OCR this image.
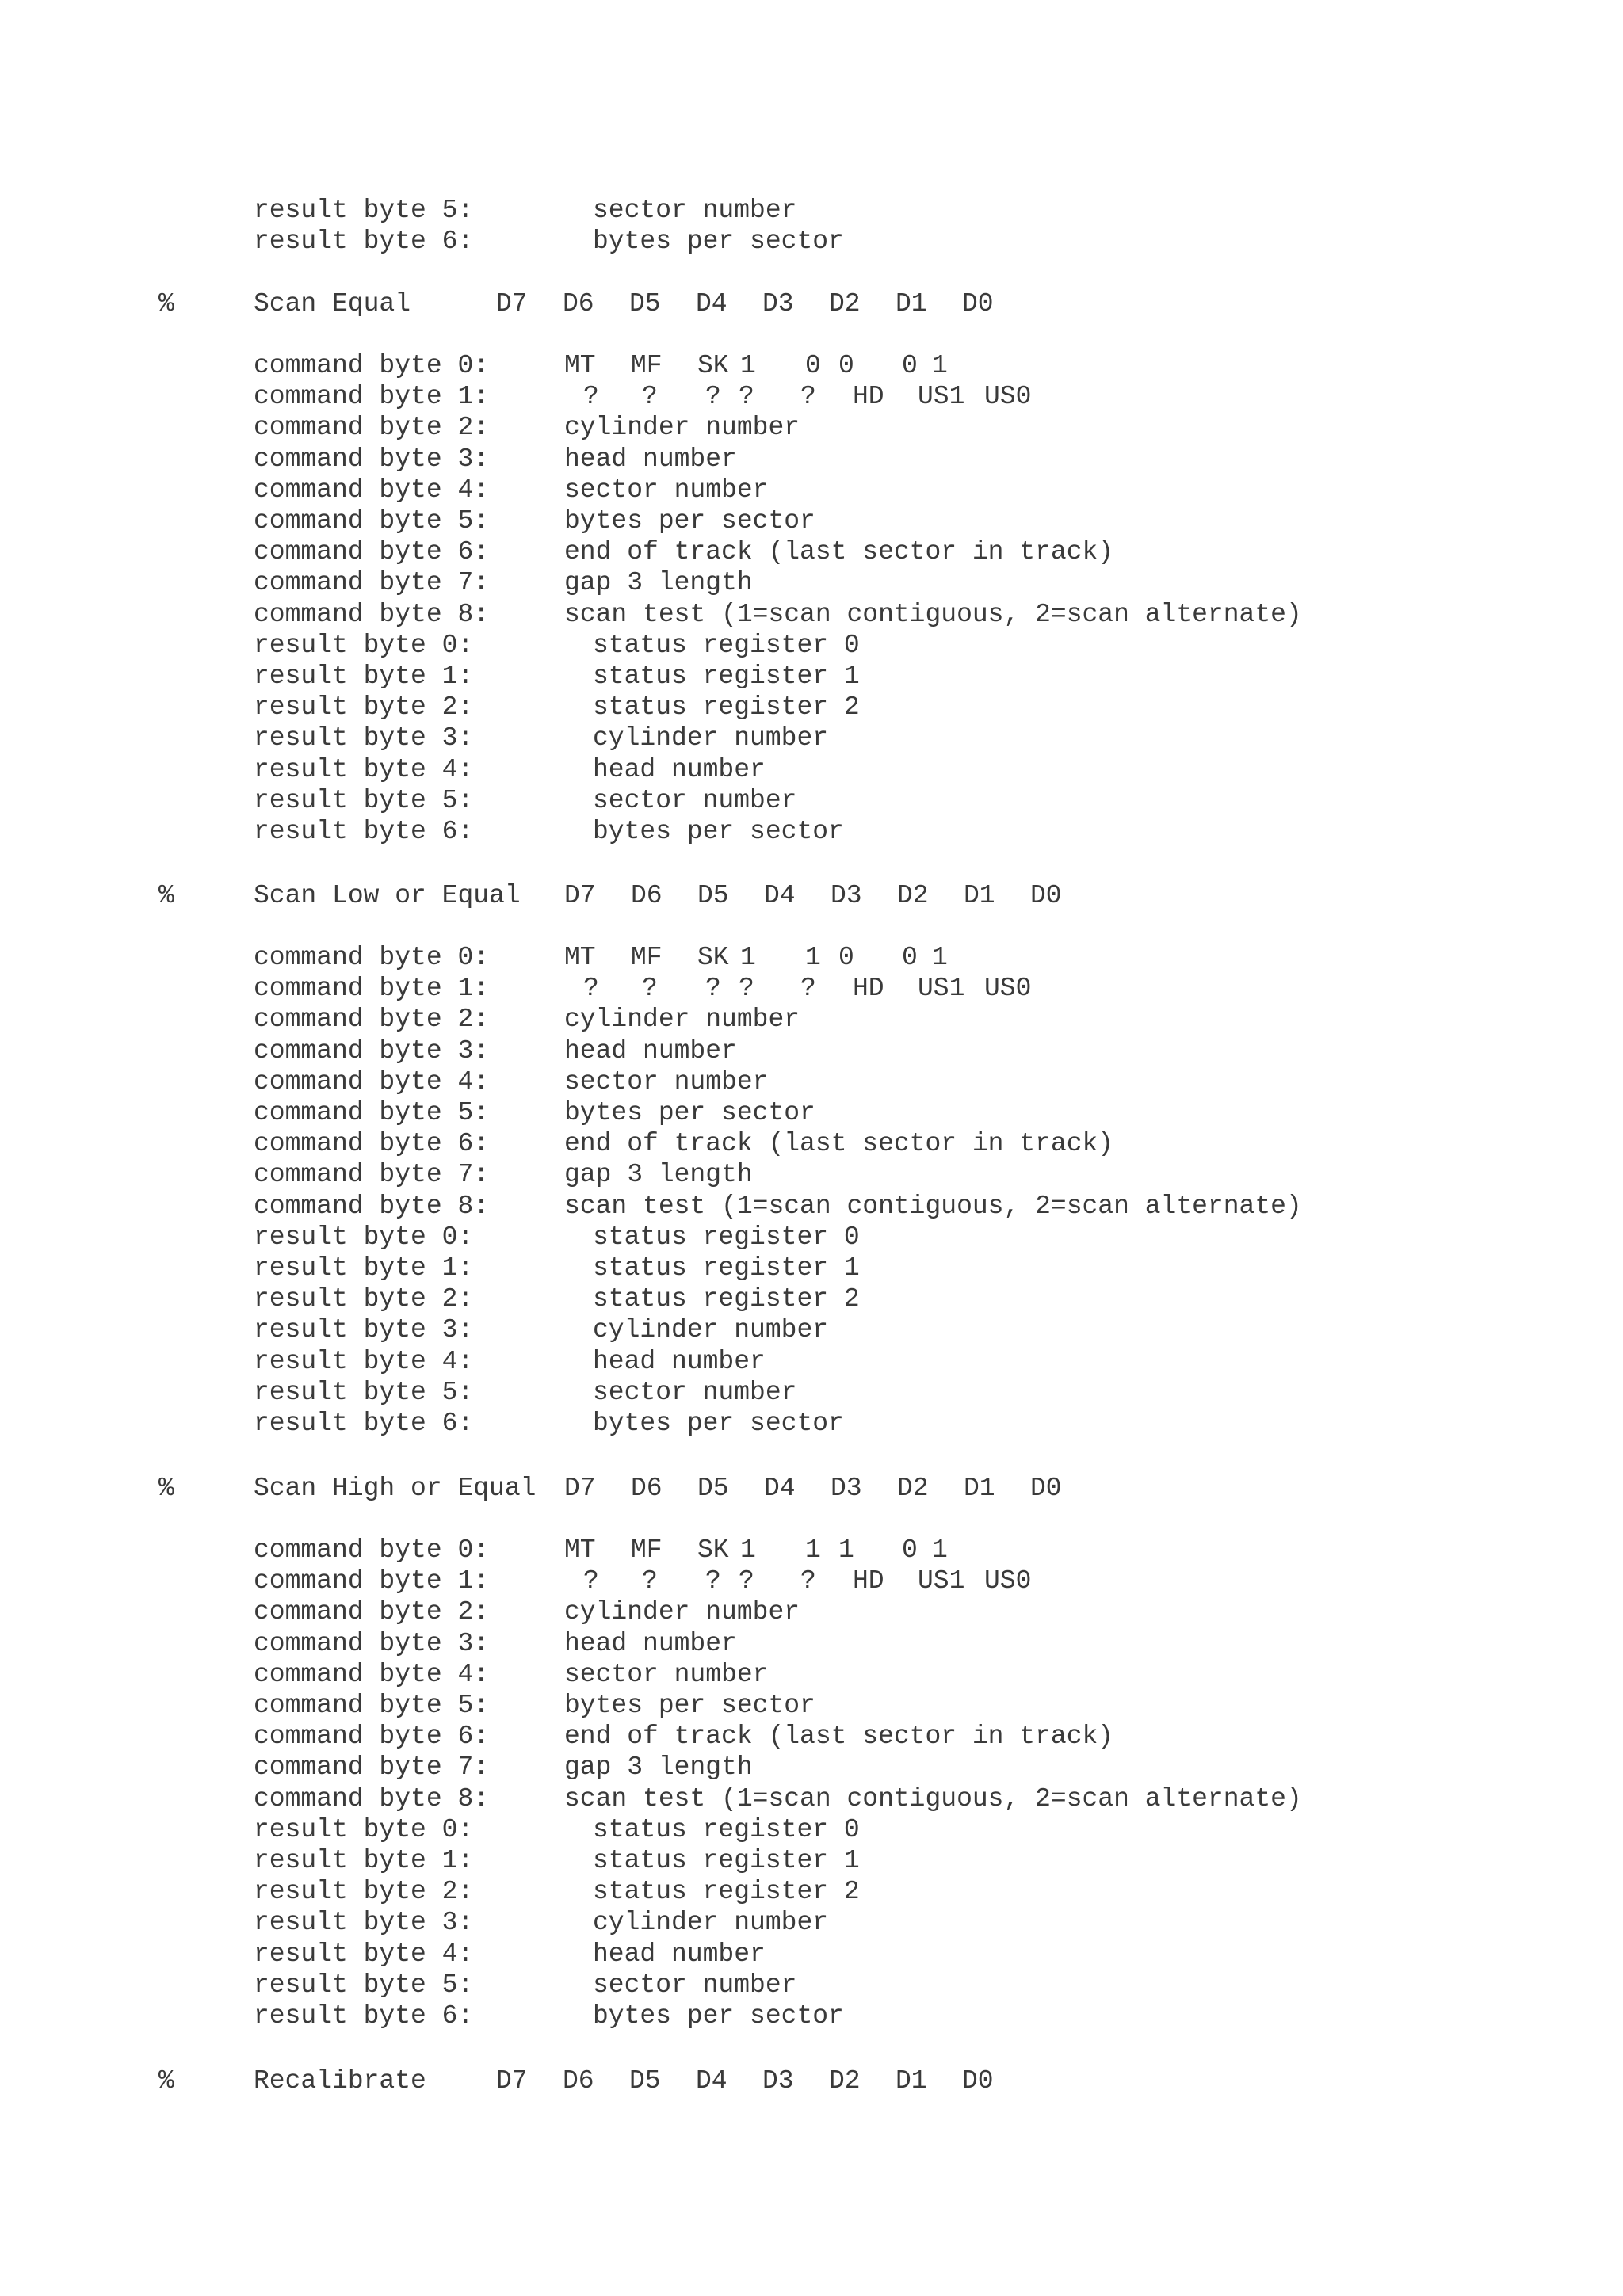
result byte 5:	sector number
result byte 6:	bytes per sector
%	Scan Equal	D7 D6 D5 D4 D3 D2 D1 D0
command byte 0:	MT MF SK 1 0 0 0 1
command byte 1:	? ? ? ? ? HD US1 US0
command byte 2:	cylinder number
command byte 3:	head number
command byte 4:	sector number
command byte 5:	bytes per sector
command byte 6:	end of track (last sector in track)
command byte 7:	gap 3 length
command byte 8:	scan test (1=scan contiguous, 2=scan alternate)
result byte 0:	status register 0
result byte 1:	status register 1
result byte 2:	status register 2
result byte 3:	cylinder number
result byte 4:	head number
result byte 5:	sector number
result byte 6:	bytes per sector
%	Scan Low or Equal D7 D6 D5 D4 D3 D2 D1 D0
command byte 0:	MT MF SK 1 1 0 0 1
command byte 1:	? ? ? ? ? HD US1 US0
command byte 2:	cylinder number
command byte 3:	head number
command byte 4:	sector number
command byte 5:	bytes per sector
command byte 6:	end of track (last sector in track)
command byte 7:	gap 3 length
command byte 8:	scan test (1=scan contiguous, 2=scan alternate)
result byte 0:	status register 0
result byte 1:	status register 1
result byte 2:	status register 2
result byte 3:	cylinder number
result byte 4:	head number
result byte 5:	sector number
result byte 6:	bytes per sector
%	Scan High or Equal D7 D6 D5 D4 D3 D2 D1 D0
command byte 0:	MT MF SK 1 1 1 0 1
command byte 1:	? ? ? ? ? HD US1 US0
command byte 2:	cylinder number
command byte 3:	head number
command byte 4:	sector number
command byte 5:	bytes per sector
command byte 6:	end of track (last sector in track)
command byte 7:	gap 3 length
command byte 8:	scan test (1=scan contiguous, 2=scan alternate)
result byte 0:	status register 0
result byte 1:	status register 1
result byte 2:	status register 2
result byte 3:	cylinder number
result byte 4:	head number
result byte 5:	sector number
result byte 6:	bytes per sector
%	Recalibrate	D7 D6 D5 D4 D3 D2 D1 D0
